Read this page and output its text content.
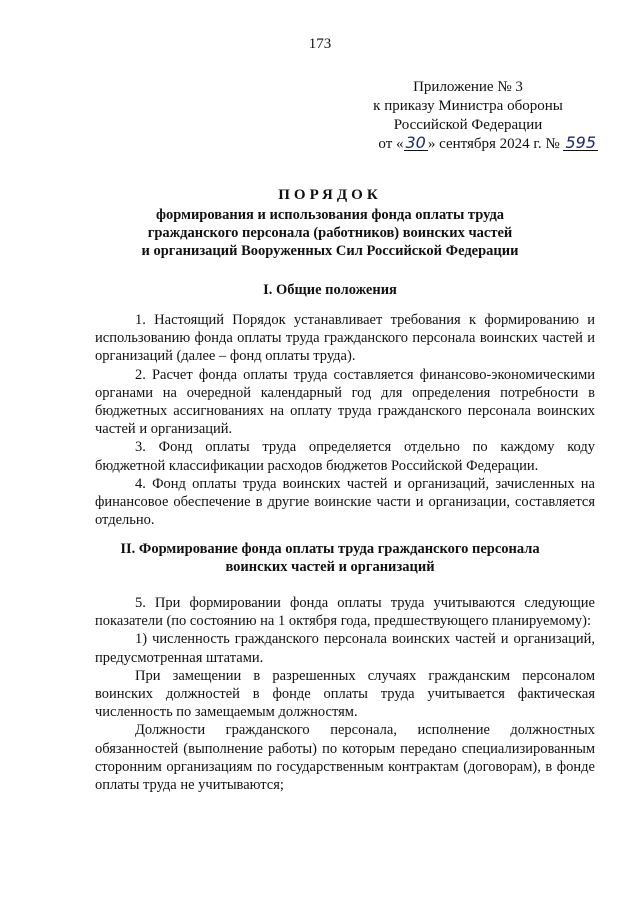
173
Приложение № 3
к приказу Министра обороны
Российской Федерации
от « 30 » сентября 2024 г. № 595
ПОРЯДОК
формирования и использования фонда оплаты труда
гражданского персонала (работников) воинских частей
и организаций Вооруженных Сил Российской Федерации
I. Общие положения

1. Настоящий Порядок устанавливает требования к формированию и использованию фонда оплаты труда гражданского персонала воинских частей и организаций (далее – фонд оплаты труда).

2. Расчет фонда оплаты труда составляется финансово-экономическими органами на очередной календарный год для определения потребности в бюджетных ассигнованиях на оплату труда гражданского персонала воинских частей и организаций.

3. Фонд оплаты труда определяется отдельно по каждому коду бюджетной классификации расходов бюджетов Российской Федерации.

4. Фонд оплаты труда воинских частей и организаций, зачисленных на финансовое обеспечение в другие воинские части и организации, составляется отдельно.

II. Формирование фонда оплаты труда гражданского персонала
воинских частей и организаций

5. При формировании фонда оплаты труда учитываются следующие показатели (по состоянию на 1 октября года, предшествующего планируемому):

1) численность гражданского персонала воинских частей и организаций, предусмотренная штатами.

При замещении в разрешенных случаях гражданским персоналом воинских должностей в фонде оплаты труда учитывается фактическая численность по замещаемым должностям.

Должности гражданского персонала, исполнение должностных обязанностей (выполнение работы) по которым передано специализированным сторонним организациям по государственным контрактам (договорам), в фонде оплаты труда не учитываются;
